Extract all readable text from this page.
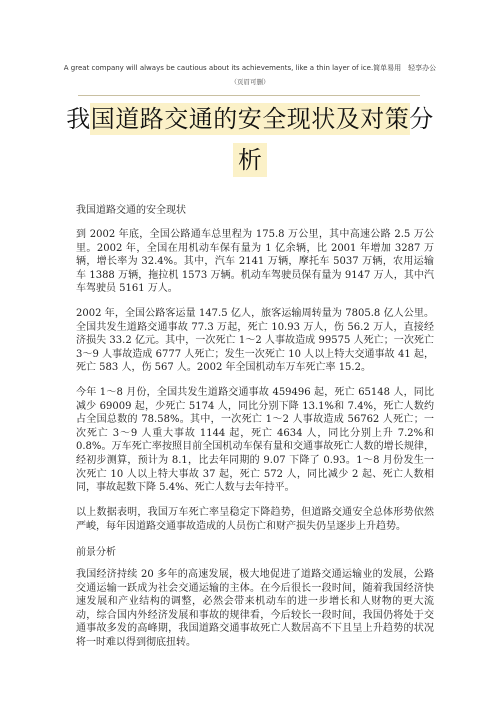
A great company will always be cautious about its achievements, like a thin layer of ice.简单易用　轻享办公
（页眉可删）
我国道路交通的安全现状及对策分
析
我国道路交通的安全现状

到 2002 年底，全国公路通车总里程为 175.8 万公里，其中高速公路 2.5 万公里。2002 年，全国在用机动车保有量为 1 亿余辆，比 2001 年增加 3287 万辆，增长率为 32.4%。其中，汽车 2141 万辆，摩托车 5037 万辆，农用运输车 1388 万辆，拖拉机 1573 万辆。机动车驾驶员保有量为 9147 万人，其中汽车驾驶员 5161 万人。

2002 年，全国公路客运量 147.5 亿人，旅客运输周转量为 7805.8 亿人公里。全国共发生道路交通事故 77.3 万起，死亡 10.93 万人，伤 56.2 万人，直接经济损失 33.2 亿元。其中，一次死亡 1～2 人事故造成 99575 人死亡；一次死亡 3～9 人事故造成 6777 人死亡；发生一次死亡 10 人以上特大交通事故 41 起，死亡 583 人，伤 567 人。2002 年全国机动车万车死亡率 15.2。

今年 1～8 月份，全国共发生道路交通事故 459496 起，死亡 65148 人，同比减少 69009 起，少死亡 5174 人，同比分别下降 13.1%和 7.4%，死亡人数约占全国总数的 78.58%。其中，一次死亡 1～2 人事故造成 56762 人死亡；一次死亡 3～9 人重大事故 1144 起，死亡 4634 人，同比分别上升 7.2%和 0.8%。万车死亡率按照目前全国机动车保有量和交通事故死亡人数的增长规律，经初步测算，预计为 8.1，比去年同期的 9.07 下降了 0.93。1～8 月份发生一次死亡 10 人以上特大事故 37 起，死亡 572 人，同比减少 2 起、死亡人数相同，事故起数下降 5.4%、死亡人数与去年持平。

以上数据表明，我国万车死亡率呈稳定下降趋势，但道路交通安全总体形势依然严峻，每年因道路交通事故造成的人员伤亡和财产损失仍呈逐步上升趋势。

前景分析

我国经济持续 20 多年的高速发展，极大地促进了道路交通运输业的发展，公路交通运输一跃成为社会交通运输的主体。在今后很长一段时间，随着我国经济快速发展和产业结构的调整，必然会带来机动车的进一步增长和人财物的更大流动，综合国内外经济发展和事故的规律看，今后较长一段时间，我国仍将处于交通事故多发的高峰期，我国道路交通事故死亡人数居高不下且呈上升趋势的状况将一时难以得到彻底扭转。
